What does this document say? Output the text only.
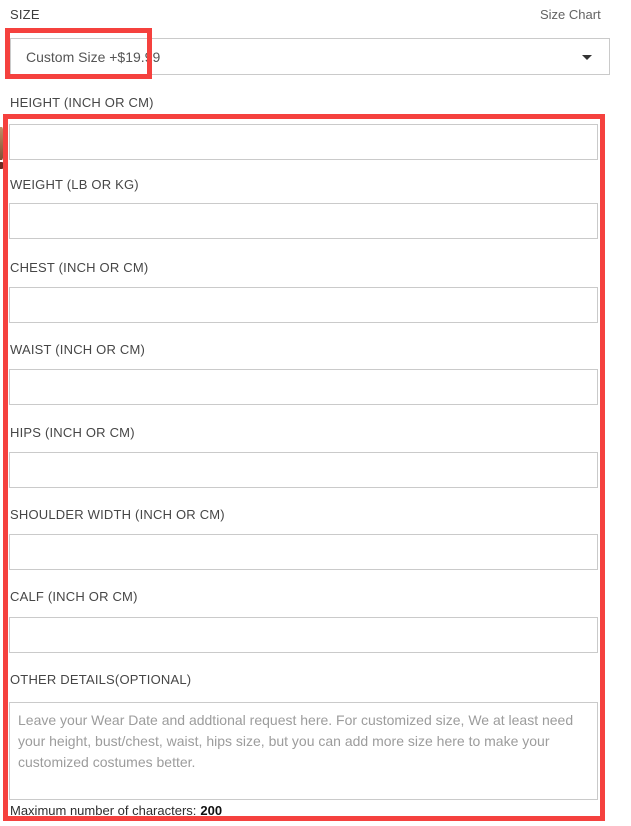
SIZE	Size Chart
Custom Size +$19.99
HEIGHT (INCH OR CM)
WEIGHT (LB OR KG)
CHEST (INCH OR CM)
WAIST (INCH OR CM)
HIPS (INCH OR CM)
SHOULDER WIDTH (INCH OR CM)
CALF (INCH OR CM)
OTHER DETAILS(OPTIONAL)
Leave your Wear Date and addtional request here. For customized size, We at least need your height, bust/chest, waist, hips size, but you can add more size here to make your customized costumes better.
Maximum number of characters: 200
